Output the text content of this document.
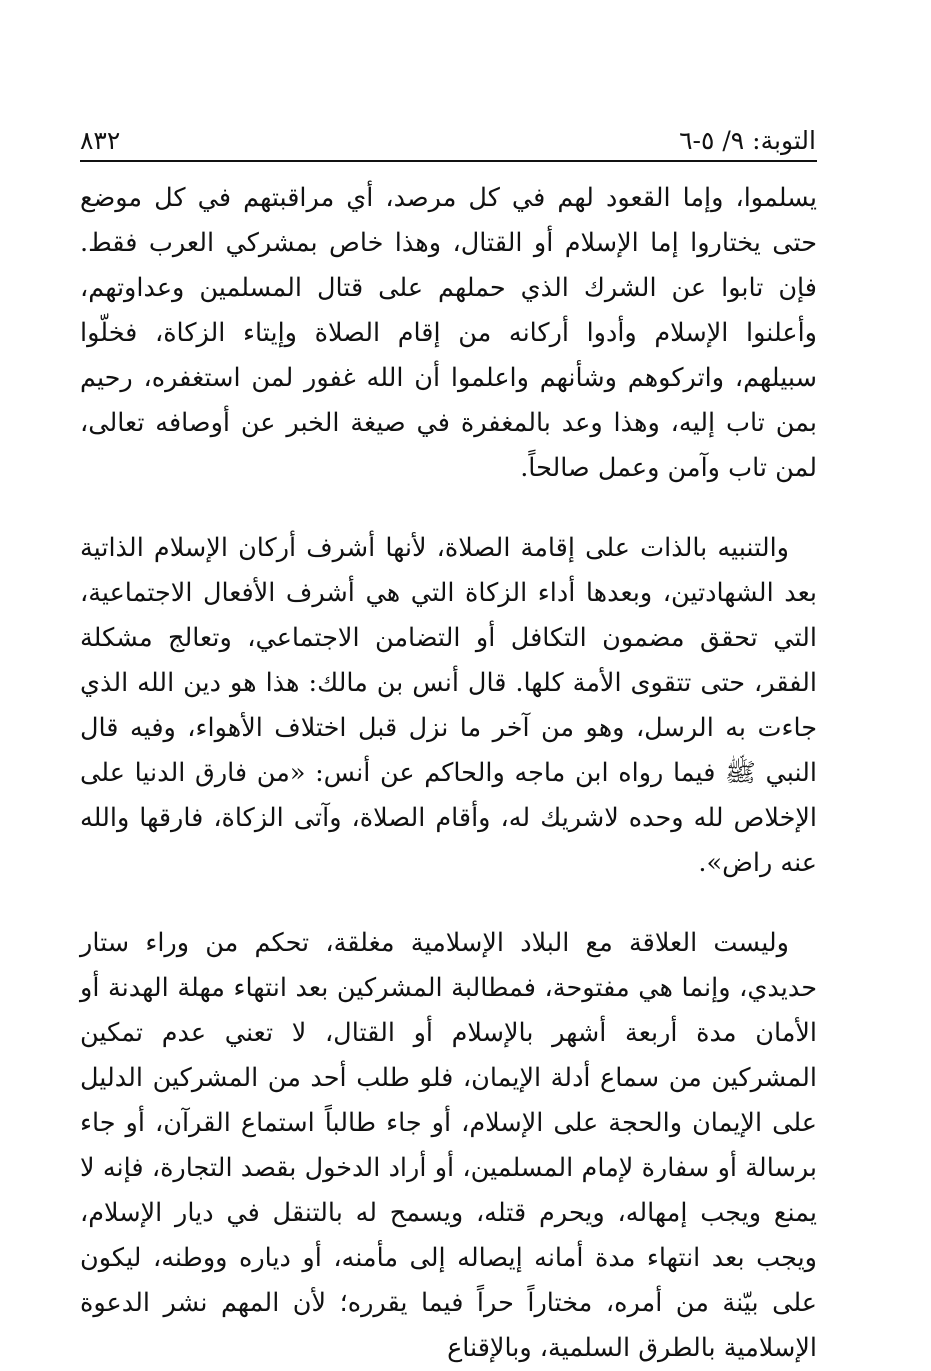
التوبة: ٩/ ٥-٦
٨٣٢

يسلموا، وإما القعود لهم في كل مرصد، أي مراقبتهم في كل موضع حتى يختاروا إما الإسلام أو القتال، وهذا خاص بمشركي العرب فقط. فإن تابوا عن الشرك الذي حملهم على قتال المسلمين وعداوتهم، وأعلنوا الإسلام وأدوا أركانه من إقام الصلاة وإيتاء الزكاة، فخلّوا سبيلهم، واتركوهم وشأنهم واعلموا أن الله غفور لمن استغفره، رحيم بمن تاب إليه، وهذا وعد بالمغفرة في صيغة الخبر عن أوصافه تعالى، لمن تاب وآمن وعمل صالحاً.

والتنبيه بالذات على إقامة الصلاة، لأنها أشرف أركان الإسلام الذاتية بعد الشهادتين، وبعدها أداء الزكاة التي هي أشرف الأفعال الاجتماعية، التي تحقق مضمون التكافل أو التضامن الاجتماعي، وتعالج مشكلة الفقر، حتى تتقوى الأمة كلها. قال أنس بن مالك: هذا هو دين الله الذي جاءت به الرسل، وهو من آخر ما نزل قبل اختلاف الأهواء، وفيه قال النبي ﷺ فيما رواه ابن ماجه والحاكم عن أنس: «من فارق الدنيا على الإخلاص لله وحده لاشريك له، وأقام الصلاة، وآتى الزكاة، فارقها والله عنه راض».

وليست العلاقة مع البلاد الإسلامية مغلقة، تحكم من وراء ستار حديدي، وإنما هي مفتوحة، فمطالبة المشركين بعد انتهاء مهلة الهدنة أو الأمان مدة أربعة أشهر بالإسلام أو القتال، لا تعني عدم تمكين المشركين من سماع أدلة الإيمان، فلو طلب أحد من المشركين الدليل على الإيمان والحجة على الإسلام، أو جاء طالباً استماع القرآن، أو جاء برسالة أو سفارة لإمام المسلمين، أو أراد الدخول بقصد التجارة، فإنه لا يمنع ويجب إمهاله، ويحرم قتله، ويسمح له بالتنقل في ديار الإسلام، ويجب بعد انتهاء مدة أمانه إيصاله إلى مأمنه، أو دياره ووطنه، ليكون على بيّنة من أمره، مختاراً حراً فيما يقرره؛ لأن المهم نشر الدعوة الإسلامية بالطرق السلمية، وبالإقناع
